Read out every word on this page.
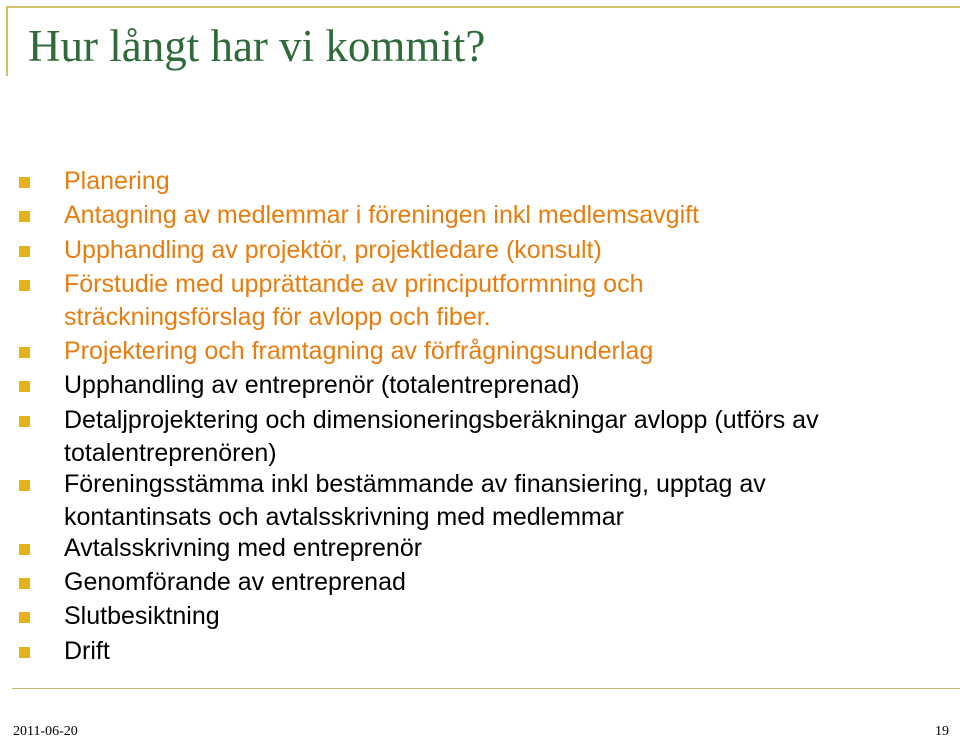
Hur långt har vi kommit?
Planering
Antagning av medlemmar i föreningen inkl medlemsavgift
Upphandling av projektör, projektledare (konsult)
Förstudie med upprättande av principutformning och
sträckningsförslag för avlopp och fiber.
Projektering och framtagning av förfrågningsunderlag
Upphandling av entreprenör (totalentreprenad)
Detaljprojektering och dimensioneringsberäkningar avlopp (utförs av
totalentreprenören)
Föreningsstämma inkl bestämmande av finansiering, upptag av
kontantinsats och avtalsskrivning med medlemmar
Avtalsskrivning med entreprenör
Genomförande av entreprenad
Slutbesiktning
Drift
2011-06-20	19
